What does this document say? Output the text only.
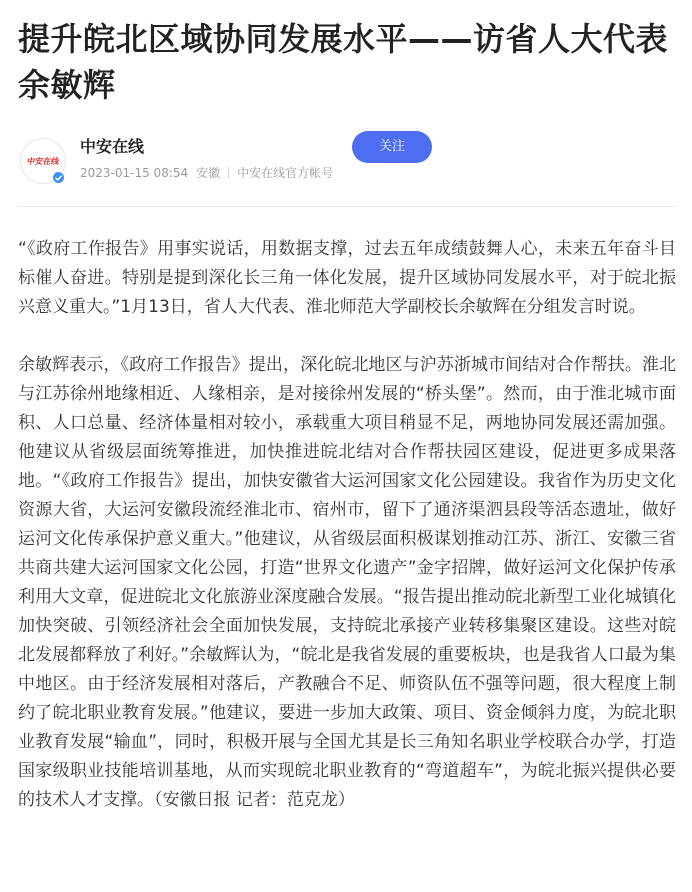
提升皖北区域协同发展水平——访省人大代表余敏辉
中安在线
中安在线
2023-01-15 08:54 安徽 中安在线官方帐号
关注

“《政府工作报告》用事实说话，用数据支撑，过去五年成绩鼓舞人心，未来五年奋斗目标催人奋进。特别是提到深化长三角一体化发展，提升区域协同发展水平，对于皖北振兴意义重大。”1月13日，省人大代表、淮北师范大学副校长余敏辉在分组发言时说。

余敏辉表示，《政府工作报告》提出，深化皖北地区与沪苏浙城市间结对合作帮扶。淮北与江苏徐州地缘相近、人缘相亲，是对接徐州发展的“桥头堡”。然而，由于淮北城市面积、人口总量、经济体量相对较小，承载重大项目稍显不足，两地协同发展还需加强。他建议从省级层面统筹推进，加快推进皖北结对合作帮扶园区建设，促进更多成果落地。“《政府工作报告》提出，加快安徽省大运河国家文化公园建设。我省作为历史文化资源大省，大运河安徽段流经淮北市、宿州市，留下了通济渠泗县段等活态遗址，做好运河文化传承保护意义重大。”他建议，从省级层面积极谋划推动江苏、浙江、安徽三省共商共建大运河国家文化公园，打造“世界文化遗产”金字招牌，做好运河文化保护传承利用大文章，促进皖北文化旅游业深度融合发展。“报告提出推动皖北新型工业化城镇化加快突破、引领经济社会全面加快发展，支持皖北承接产业转移集聚区建设。这些对皖北发展都释放了利好。”余敏辉认为，“皖北是我省发展的重要板块，也是我省人口最为集中地区。由于经济发展相对落后，产教融合不足、师资队伍不强等问题，很大程度上制约了皖北职业教育发展。”他建议，要进一步加大政策、项目、资金倾斜力度，为皖北职业教育发展“输血”，同时，积极开展与全国尤其是长三角知名职业学校联合办学，打造国家级职业技能培训基地，从而实现皖北职业教育的“弯道超车”，为皖北振兴提供必要的技术人才支撑。（安徽日报 记者：范克龙）
